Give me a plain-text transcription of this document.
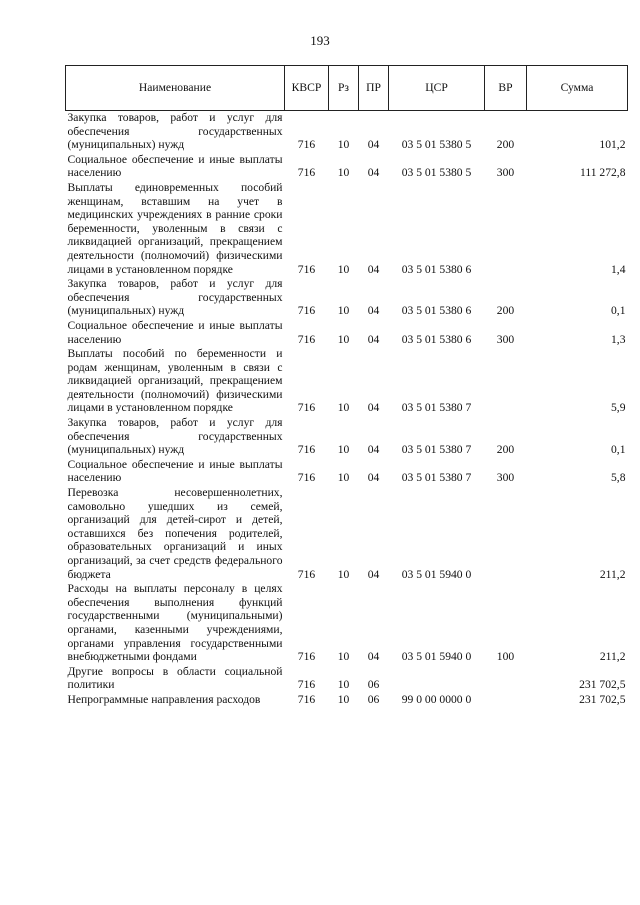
193
Наименование	КВСР	Рз	ПР	ЦСР	ВР	Сумма
Закупка товаров, работ и услуг для обеспечения государственных (муниципальных) нужд	716	10	04	03 5 01 5380 5	200	101,2
Социальное обеспечение и иные выплаты населению	716	10	04	03 5 01 5380 5	300	111 272,8
Выплаты единовременных пособий женщинам, вставшим на учет в медицинских учреждениях в ранние сроки беременности, уволенным в связи с ликвидацией организаций, прекращением деятельности (полномочий) физическими лицами в установленном порядке	716	10	04	03 5 01 5380 6		1,4
Закупка товаров, работ и услуг для обеспечения государственных (муниципальных) нужд	716	10	04	03 5 01 5380 6	200	0,1
Социальное обеспечение и иные выплаты населению	716	10	04	03 5 01 5380 6	300	1,3
Выплаты пособий по беременности и родам женщинам, уволенным в связи с ликвидацией организаций, прекращением деятельности (полномочий) физическими лицами в установленном порядке	716	10	04	03 5 01 5380 7		5,9
Закупка товаров, работ и услуг для обеспечения государственных (муниципальных) нужд	716	10	04	03 5 01 5380 7	200	0,1
Социальное обеспечение и иные выплаты населению	716	10	04	03 5 01 5380 7	300	5,8
Перевозка несовершеннолетних, самовольно ушедших из семей, организаций для детей-сирот и детей, оставшихся без попечения родителей, образовательных организаций и иных организаций, за счет средств федерального бюджета	716	10	04	03 5 01 5940 0		211,2
Расходы на выплаты персоналу в целях обеспечения выполнения функций государственными (муниципальными) органами, казенными учреждениями, органами управления государственными внебюджетными фондами	716	10	04	03 5 01 5940 0	100	211,2
Другие вопросы в области социальной политики	716	10	06			231 702,5
Непрограммные направления расходов	716	10	06	99 0 00 0000 0		231 702,5
